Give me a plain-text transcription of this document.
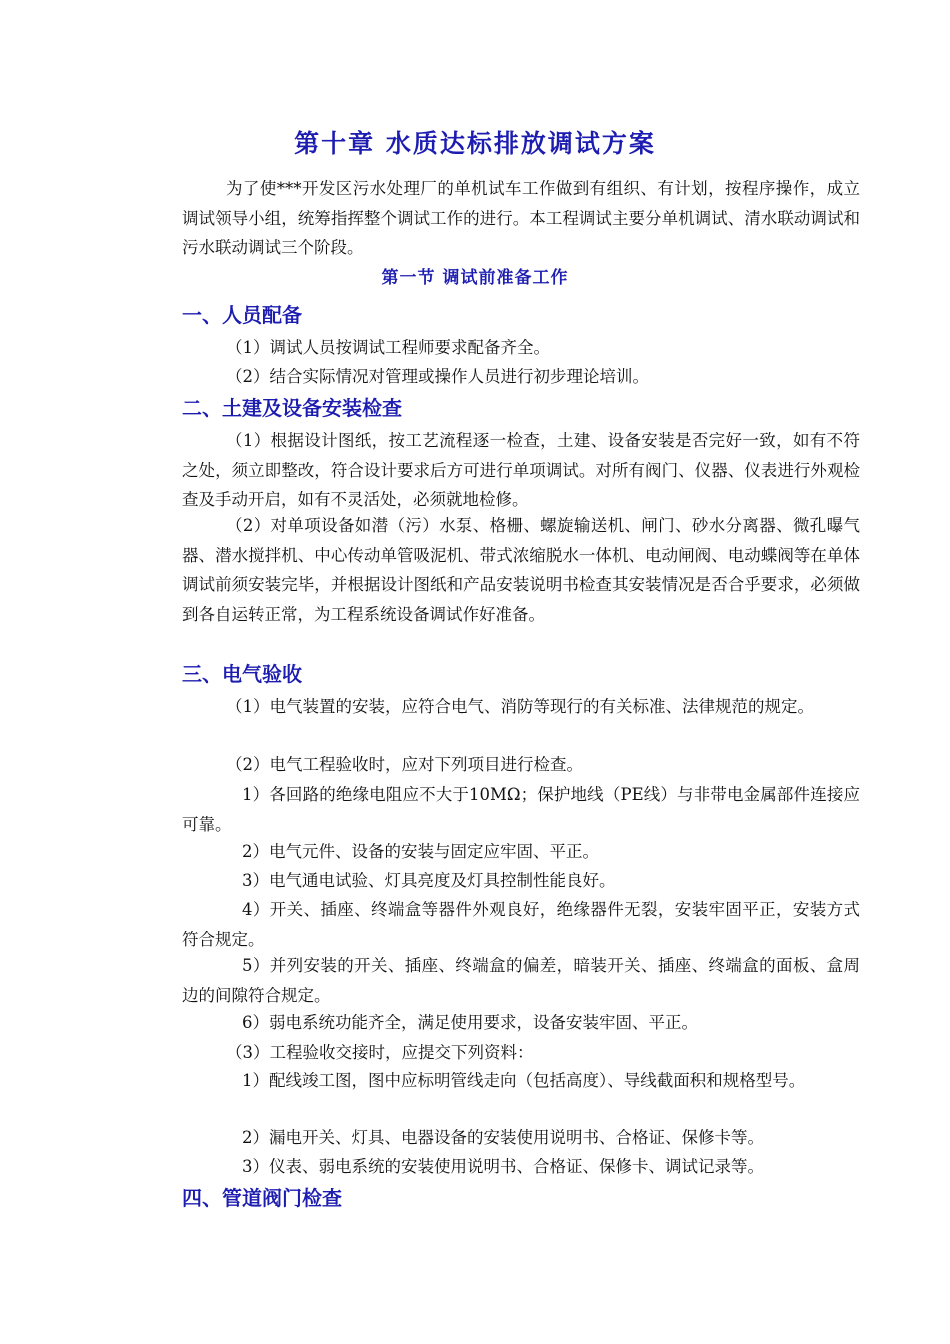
第十章 水质达标排放调试方案
为了使***开发区污水处理厂的单机试车工作做到有组织、有计划，按程序操作，成立调试领导小组，统筹指挥整个调试工作的进行。本工程调试主要分单机调试、清水联动调试和污水联动调试三个阶段。
第一节 调试前准备工作
一、人员配备
（1）调试人员按调试工程师要求配备齐全。
（2）结合实际情况对管理或操作人员进行初步理论培训。
二、土建及设备安装检查
（1）根据设计图纸，按工艺流程逐一检查，土建、设备安装是否完好一致，如有不符之处，须立即整改，符合设计要求后方可进行单项调试。对所有阀门、仪器、仪表进行外观检查及手动开启，如有不灵活处，必须就地检修。
（2）对单项设备如潜（污）水泵、格栅、螺旋输送机、闸门、砂水分离器、微孔曝气器、潜水搅拌机、中心传动单管吸泥机、带式浓缩脱水一体机、电动闸阀、电动蝶阀等在单体调试前须安装完毕，并根据设计图纸和产品安装说明书检查其安装情况是否合乎要求，必须做到各自运转正常，为工程系统设备调试作好准备。
三、电气验收
（1）电气装置的安装，应符合电气、消防等现行的有关标准、法律规范的规定。
（2）电气工程验收时，应对下列项目进行检查。
1）各回路的绝缘电阻应不大于10MΩ；保护地线（PE线）与非带电金属部件连接应可靠。
2）电气元件、设备的安装与固定应牢固、平正。
3）电气通电试验、灯具亮度及灯具控制性能良好。
4）开关、插座、终端盒等器件外观良好，绝缘器件无裂，安装牢固平正，安装方式符合规定。
5）并列安装的开关、插座、终端盒的偏差，暗装开关、插座、终端盒的面板、盒周边的间隙符合规定。
6）弱电系统功能齐全，满足使用要求，设备安装牢固、平正。
（3）工程验收交接时，应提交下列资料：
1）配线竣工图，图中应标明管线走向（包括高度）、导线截面积和规格型号。
2）漏电开关、灯具、电器设备的安装使用说明书、合格证、保修卡等。
3）仪表、弱电系统的安装使用说明书、合格证、保修卡、调试记录等。
四、管道阀门检查
